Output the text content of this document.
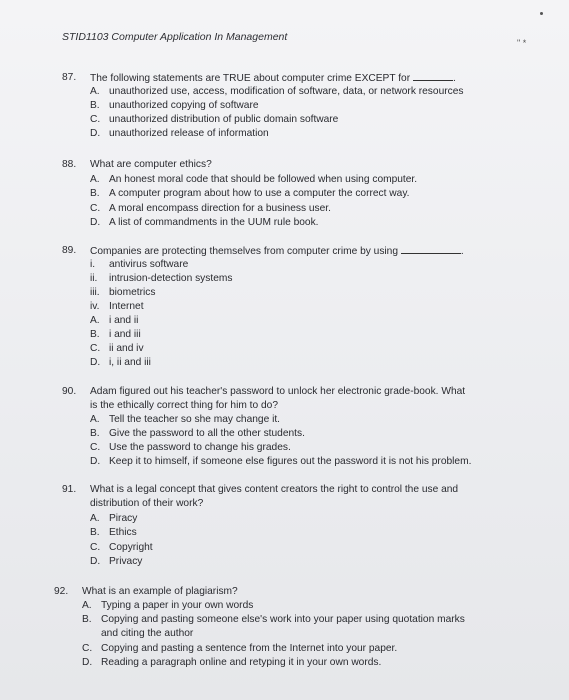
" *
STID1103 Computer Application In Management
87. The following statements are TRUE about computer crime EXCEPT for	.
A. unauthorized use, access, modification of software, data, or network resources
B. unauthorized copying of software
C. unauthorized distribution of public domain software
D. unauthorized release of information
88. What are computer ethics?
A. An honest moral code that should be followed when using computer.
B. A computer program about how to use a computer the correct way.
C. A moral encompass direction for a business user.
D. A list of commandments in the UUM rule book.
89. Companies are protecting themselves from computer crime by using	.
i.	antivirus software
ii.	intrusion-detection systems
iii. biometrics
iv. Internet
A. i and ii
B. i and iii
C. ii and iv
D. i, ii and iii
90. Adam figured out his teacher's password to unlock her electronic grade-book. What
is the ethically correct thing for him to do?
A. Tell the teacher so she may change it.
B. Give the password to all the other students.
C. Use the password to change his grades.
D. Keep it to himself, if someone else figures out the password it is not his problem.
91. What is a legal concept that gives content creators the right to control the use and
distribution of their work?
A. Piracy
B. Ethics
C. Copyright
D. Privacy
92. What is an example of plagiarism?
A. Typing a paper in your own words
B. Copying and pasting someone else's work into your paper using quotation marks
and citing the author
C. Copying and pasting a sentence from the Internet into your paper.
D. Reading a paragraph online and retyping it in your own words.
